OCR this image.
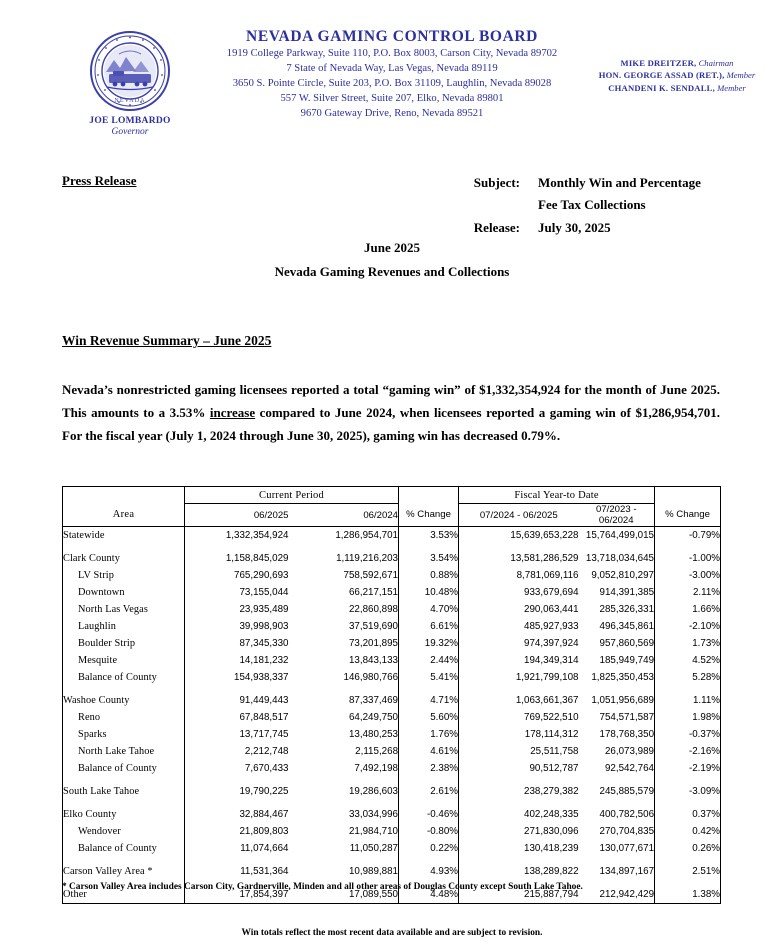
NEVADA
JOE LOMBARDO
Governor
NEVADA GAMING CONTROL BOARD
1919 College Parkway, Suite 110, P.O. Box 8003, Carson City, Nevada 89702
7 State of Nevada Way, Las Vegas, Nevada 89119
3650 S. Pointe Circle, Suite 203, P.O. Box 31109, Laughlin, Nevada 89028
557 W. Silver Street, Suite 207, Elko, Nevada 89801
9670 Gateway Drive, Reno, Nevada 89521
MIKE DREITZER, Chairman
HON. GEORGE ASSAD (RET.), Member
CHANDENI K. SENDALL, Member
Press Release	Subject:	Monthly Win and Percentage
Fee Tax Collections
Release:	July 30, 2025
June 2025
Nevada Gaming Revenues and Collections
Win Revenue Summary – June 2025
Nevada’s nonrestricted gaming licensees reported a total “gaming win” of $1,332,354,924 for the month of June 2025. This amounts to a 3.53% increase compared to June 2024, when licensees reported a gaming win of $1,286,954,701. For the fiscal year (July 1, 2024 through June 30, 2025), gaming win has decreased 0.79%.
	Current Period			Fiscal Year-to Date		
Area	06/2025	06/2024	% Change	07/2024 - 06/2025	07/2023 - 06/2024	% Change
Statewide	1,332,354,924	1,286,954,701	3.53%	15,639,653,228	15,764,499,015	-0.79%

Clark County	1,158,845,029	1,119,216,203	3.54%	13,581,286,529	13,718,034,645	-1.00%
LV Strip	765,290,693	758,592,671	0.88%	8,781,069,116	9,052,810,297	-3.00%
Downtown	73,155,044	66,217,151	10.48%	933,679,694	914,391,385	2.11%
North Las Vegas	23,935,489	22,860,898	4.70%	290,063,441	285,326,331	1.66%
Laughlin	39,998,903	37,519,690	6.61%	485,927,933	496,345,861	-2.10%
Boulder Strip	87,345,330	73,201,895	19.32%	974,397,924	957,860,569	1.73%
Mesquite	14,181,232	13,843,133	2.44%	194,349,314	185,949,749	4.52%
Balance of County	154,938,337	146,980,766	5.41%	1,921,799,108	1,825,350,453	5.28%

Washoe County	91,449,443	87,337,469	4.71%	1,063,661,367	1,051,956,689	1.11%
Reno	67,848,517	64,249,750	5.60%	769,522,510	754,571,587	1.98%
Sparks	13,717,745	13,480,253	1.76%	178,114,312	178,768,350	-0.37%
North Lake Tahoe	2,212,748	2,115,268	4.61%	25,511,758	26,073,989	-2.16%
Balance of County	7,670,433	7,492,198	2.38%	90,512,787	92,542,764	-2.19%

South Lake Tahoe	19,790,225	19,286,603	2.61%	238,279,382	245,885,579	-3.09%

Elko County	32,884,467	33,034,996	-0.46%	402,248,335	400,782,506	0.37%
Wendover	21,809,803	21,984,710	-0.80%	271,830,096	270,704,835	0.42%
Balance of County	11,074,664	11,050,287	0.22%	130,418,239	130,077,671	0.26%

Carson Valley Area *	11,531,364	10,989,881	4.93%	138,289,822	134,897,167	2.51%

Other	17,854,397	17,089,550	4.48%	215,887,794	212,942,429	1.38%
* Carson Valley Area includes Carson City, Gardnerville, Minden and all other areas of Douglas County except South Lake Tahoe.
Win totals reflect the most recent data available and are subject to revision.
